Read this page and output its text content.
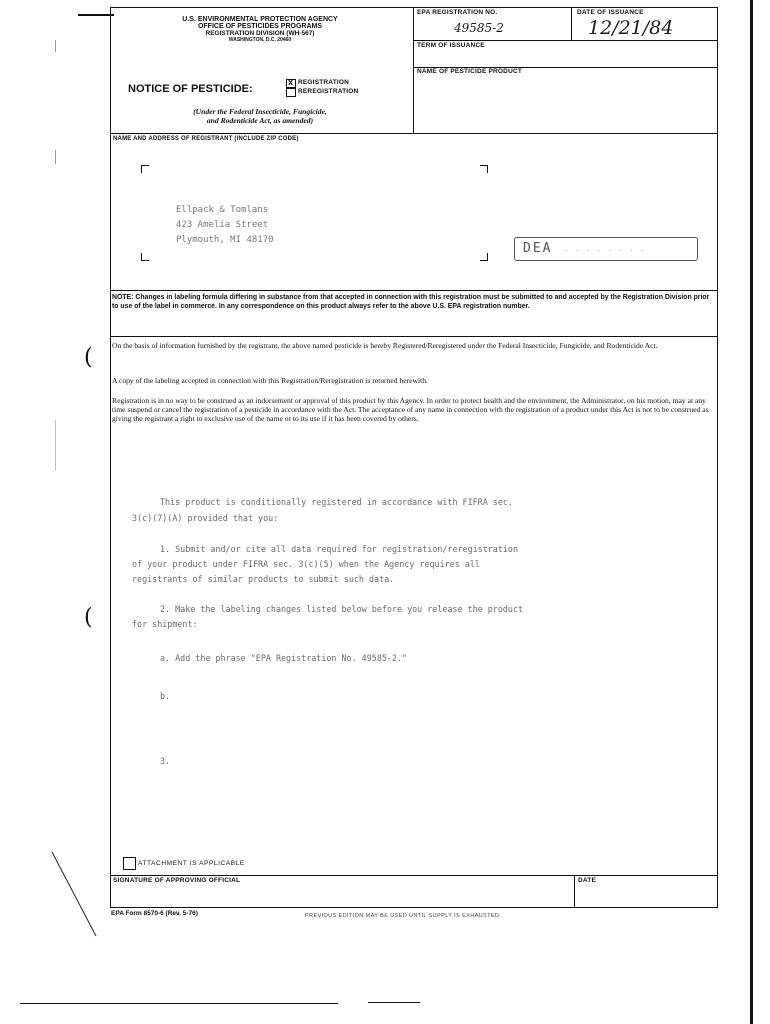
(
(
U.S. ENVIRONMENTAL PROTECTION AGENCY
OFFICE OF PESTICIDES PROGRAMS
REGISTRATION DIVISION (WH-567)
WASHINGTON, D.C. 20460
NOTICE OF PESTICIDE:
x REGISTRATION
REREGISTRATION
(Under the Federal Insecticide, Fungicide,
and Rodenticide Act, as amended)
EPA REGISTRATION NO.
49585-2
DATE OF ISSUANCE
12/21/84
TERM OF ISSUANCE
NAME OF PESTICIDE PRODUCT
NAME AND ADDRESS OF REGISTRANT (INCLUDE ZIP CODE)
Ellpack & Tomlans
423 Amelia Street
Plymouth, MI 48170
DEA · · · · · · · ·
NOTE: Changes in labeling formula differing in substance from that accepted in connection with this registration must be submitted to and accepted by the Registration Division prior to use of the label in commerce. In any correspondence on this product always refer to the above U.S. EPA registration number.
On the basis of information furnished by the registrant, the above named pesticide is hereby Registered/Reregistered under the Federal Insecticide, Fungicide, and Rodenticide Act.
A copy of the labeling accepted in connection with this Registration/Reregistration is returned herewith.
Registration is in no way to be construed as an indorsement or approval of this product by this Agency. In order to protect health and the environment, the Administrator, on his motion, may at any time suspend or cancel the registration of a pesticide in accordance with the Act. The acceptance of any name in connection with the registration of a product under this Act is not to be construed as giving the registrant a right to exclusive use of the name or to its use if it has been covered by others.
This product is conditionally registered in accordance with FIFRA sec.
3(c)(7)(A) provided that you:
1. Submit and/or cite all data required for registration/reregistration
of your product under FIFRA sec. 3(c)(5) when the Agency requires all
registrants of similar products to submit such data.
2. Make the labeling changes listed below before you release the product
for shipment:
a. Add the phrase "EPA Registration No. 49585-2."
b.
3.
ATTACHMENT IS APPLICABLE
SIGNATURE OF APPROVING OFFICIAL	DATE
EPA Form 8570-6 (Rev. 5-76)	PREVIOUS EDITION MAY BE USED UNTIL SUPPLY IS EXHAUSTED.
